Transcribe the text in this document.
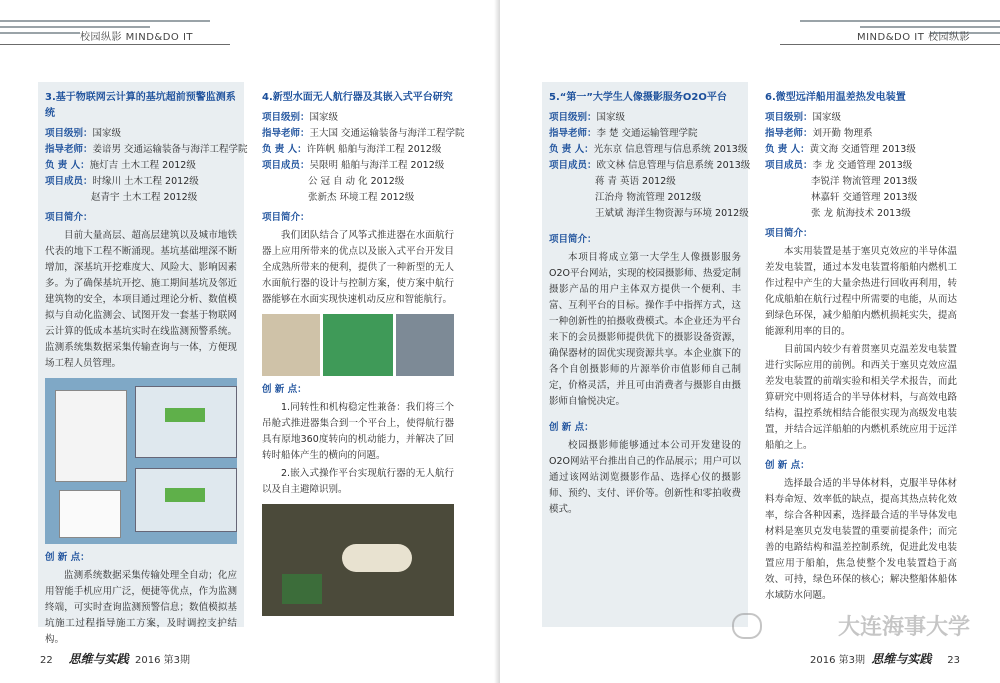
校园纵影 MIND&DO IT
3.基于物联网云计算的基坑超前预警监测系统
项目级别：国家级
指导老师：姜谙男 交通运输装备与海洋工程学院
负 责 人：施灯吉 土木工程 2012级
项目成员：时缘川 土木工程 2012级
赵青宇 土木工程 2012级
项目简介：
目前大量高层、超高层建筑以及城市地铁代表的地下工程不断涌现。基坑基础埋深不断增加，深基坑开挖难度大、风险大、影响因素多。为了确保基坑开挖、施工期间基坑及邻近建筑物的安全，本项目通过理论分析、数值模拟与自动化监测会、试图开发一套基于物联网云计算的低成本基坑实时在线监测预警系统。监测系统集数据采集传输查询与一体，方便现场工程人员管理。
创 新 点：
监测系统数据采集传输处理全自动；化应用智能手机应用广泛，便捷等优点，作为监测终端，可实时查询监测预警信息；数值模拟基坑施工过程指导施工方案，及时调控支护结构。
4.新型水面无人航行器及其嵌入式平台研究
项目级别：国家级
指导老师：王大国 交通运输装备与海洋工程学院
负 责 人：许阵帆 船舶与海洋工程 2012级
项目成员：吴限明 船舶与海洋工程 2012级
公 冠 自 动 化 2012级
张新杰 环境工程 2012级
项目简介：
我们团队结合了风筝式推进器在水面航行器上应用所带来的优点以及嵌入式平台开发目全成熟所带来的便利，提供了一种新型的无人水面航行器的设计与控制方案，使方案中航行器能够在水面实现快速机动反应和智能航行。
创 新 点：
1.同转性和机构稳定性兼备：我们将三个吊舱式推进器集合到一个平台上，使得航行器具有原地360度转向的机动能力，并解决了回转时船体产生的横向的问题。
2.嵌入式操作平台实现航行器的无人航行以及自主避障识别。
22 思维与实践 2016 第3期
MIND&DO IT 校园纵影
5.“第一”大学生人像摄影服务O2O平台
项目级别：国家级
指导老师：李 楚 交通运输管理学院
负 责 人：光东京 信息管理与信息系统 2013级
项目成员：欧文林 信息管理与信息系统 2013级
蒋 青 英语 2012级
江治舟 物流管理 2012级
王斌斌 海洋生物资源与环境 2012级
项目简介：
本项目将成立第一大学生人像摄影服务O2O平台网站，实现的校园摄影师、热爱定制摄影产品的用户主体双方提供一个便利、丰富、互利平台的目标。操作手中指挥方式，这一种创新性的拍摄收费模式。本企业还为平台来下的会员摄影师提供优下的摄影设备资源，确保器材的固优实现资源共享。本企业旗下的各个自创摄影师的片源举价市值影师自己制定，价格灵活，并且可由消费者与摄影自由摄影师自愉悦决定。
创 新 点：
校园摄影师能够通过本公司开发建设的O2O网站平台推出自己的作品展示；用户可以通过该网站浏览摄影作品、选择心仪的摄影师、预约、支付、评价等。创新性和零拍收费模式。
6.微型远洋船用温差热发电装置
项目级别：国家级
指导老师：刘开勤 物理系
负 责 人：黄文海 交通管理 2013级
项目成员：李 龙 交通管理 2013级
李锐洋 物流管理 2013级
林嘉轩 交通管理 2013级
张 龙 航海技术 2013级
项目简介：
本实用装置是基于塞贝克效应的半导体温差发电装置，通过本发电装置将船舶内燃机工作过程中产生的大量余热进行回收再利用，转化成船舶在航行过程中所需要的电能，从而达到绿色环保，减少船舶内燃机损耗实失，提高能源利用率的目的。
目前国内较少有着贯塞贝克温差发电装置进行实际应用的前例。和西关于塞贝克效应温差发电装置的前端实验和相关学术报告，而此算研究中则将适合的半导体材料，与高效电路结构，温控系统相结合能很实现为高级发电装置，并结合远洋船舶的内燃机系统应用于远洋船舶之上。
创 新 点：
选择最合适的半导体材料，克服半导体材料寿命短、效率低的缺点，提高其热点转化效率，综合各种因素，选择最合适的半导体发电材料是塞贝克发电装置的重要前提条件；而完善的电路结构和温差控制系统，促进此发电装置应用于船舶，焦急使整个发电装置趋于高效、可持，绿色环保的核心；解决整船体船体水域防水问题。
大连海事大学
2016 第3期 思维与实践 23
